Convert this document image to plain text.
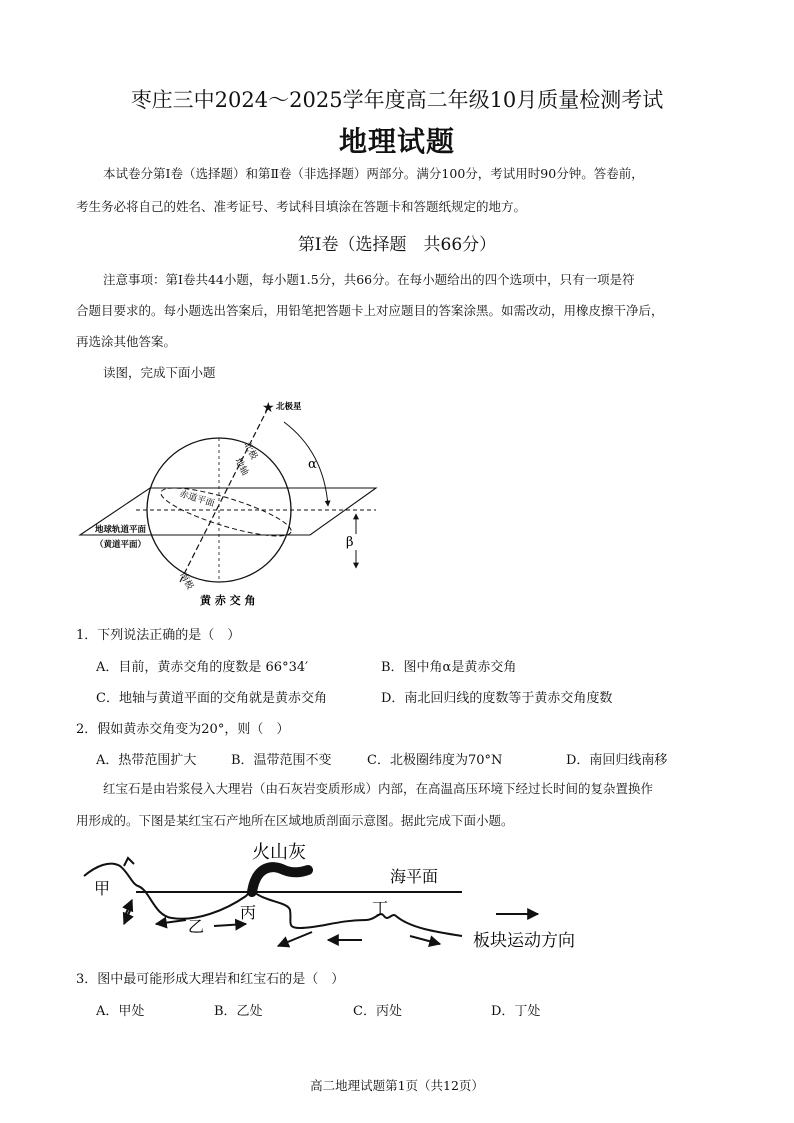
枣庄三中2024～2025学年度高二年级10月质量检测考试
地理试题
本试卷分第Ⅰ卷（选择题）和第Ⅱ卷（非选择题）两部分。满分100分，考试用时90分钟。答卷前，
考生务必将自己的姓名、准考证号、考试科目填涂在答题卡和答题纸规定的地方。
第Ⅰ卷（选择题　共66分）
注意事项：第Ⅰ卷共44小题，每小题1.5分，共66分。在每小题给出的四个选项中，只有一项是符
合题目要求的。每小题选出答案后，用铅笔把答题卡上对应题目的答案涂黑。如需改动，用橡皮擦干净后，
再选涂其他答案。
读图，完成下面小题
★ 北极星
α
β
北极
地轴
赤道平面
地球轨道平面
（黄道平面）
南极
黄 赤 交 角
1．下列说法正确的是（　）
A．目前，黄赤交角的度数是 66°34′	B．图中角α是黄赤交角
C．地轴与黄道平面的交角就是黄赤交角	D．南北回归线的度数等于黄赤交角度数
2．假如黄赤交角变为20°，则（　）
A．热带范围扩大	B．温带范围不变	C．北极圈纬度为70°N	D．南回归线南移
红宝石是由岩浆侵入大理岩（由石灰岩变质形成）内部，在高温高压环境下经过长时间的复杂置换作
用形成的。下图是某红宝石产地所在区域地质剖面示意图。据此完成下面小题。
火山灰
海平面
甲
乙
丙	丁
板块运动方向
3．图中最可能形成大理岩和红宝石的是（　）
A．甲处	B．乙处	C．丙处	D．丁处
高二地理试题第1页（共12页）
